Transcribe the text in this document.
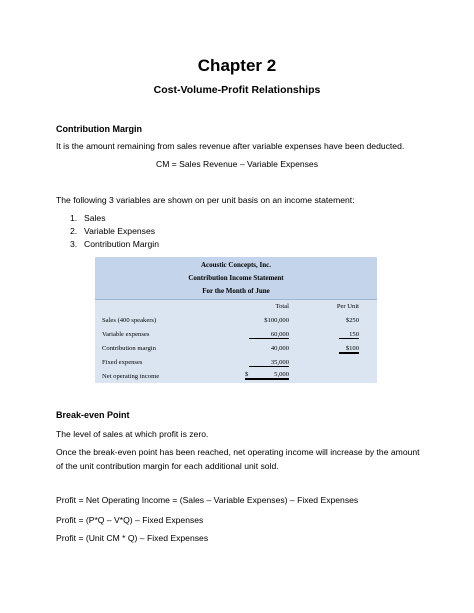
Chapter 2
Cost-Volume-Profit Relationships
Contribution Margin
It is the amount remaining from sales revenue after variable expenses have been deducted.
CM = Sales Revenue – Variable Expenses
The following 3 variables are shown on per unit basis on an income statement:
1. Sales
2. Variable Expenses
3. Contribution Margin
Acoustic Concepts, Inc.
Contribution Income Statement
For the Month of June
Total	Per Unit
Sales (400 speakers)	$100,000	$250
Variable expenses	60,000	150
Contribution margin	40,000	$100
Fixed expenses	35,000
Net operating income	$	5,000
Break-even Point
The level of sales at which profit is zero.
Once the break-even point has been reached, net operating income will increase by the amount
of the unit contribution margin for each additional unit sold.
Profit = Net Operating Income = (Sales – Variable Expenses) – Fixed Expenses
Profit = (P*Q – V*Q) – Fixed Expenses
Profit = (Unit CM * Q) – Fixed Expenses
